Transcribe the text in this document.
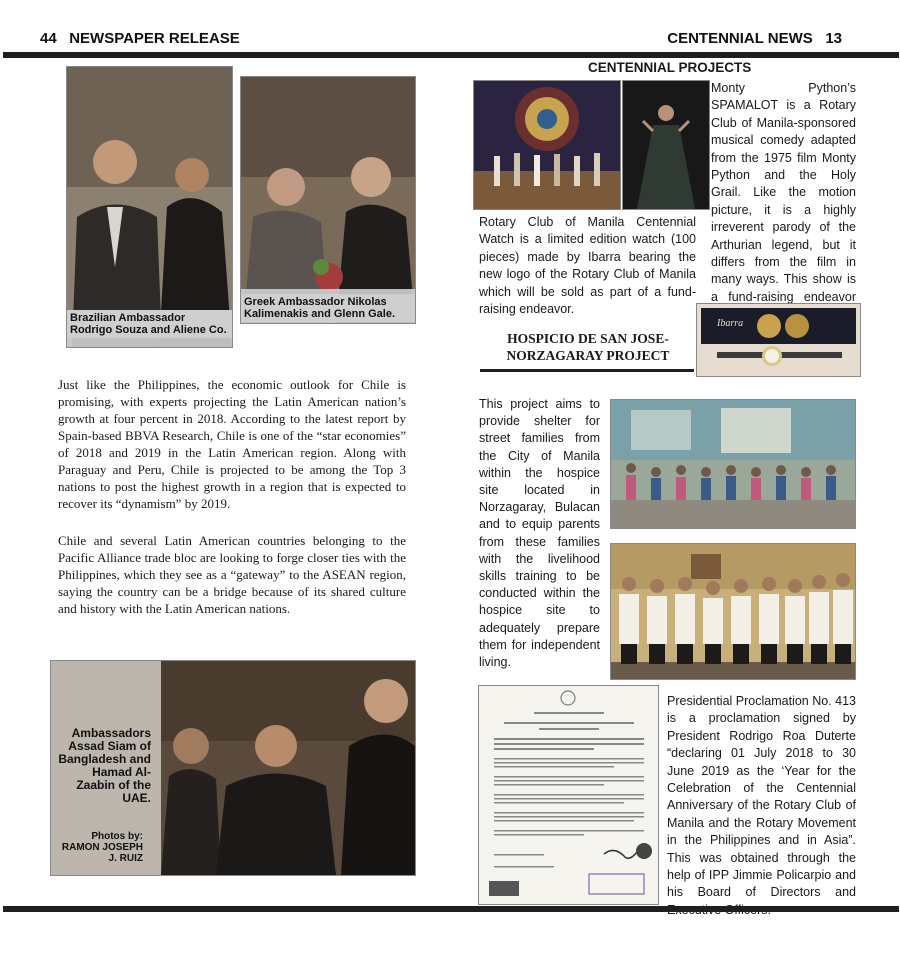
44 NEWSPAPER RELEASE	CENTENNIAL NEWS 13
Brazilian Ambassador Rodrigo Souza and Aliene Co.
Greek Ambassador Nikolas Kalimenakis and Glenn Gale.
Just like the Philippines, the economic outlook for Chile is promising, with experts projecting the Latin American nation’s growth at four percent in 2018. According to the latest report by Spain-based BBVA Research, Chile is one of the “star economies” of 2018 and 2019 in the Latin American region. Along with Paraguay and Peru, Chile is projected to be among the Top 3 nations to post the highest growth in a region that is expected to recover its “dynamism” by 2019.
Chile and several Latin American countries belonging to the Pacific Alliance trade bloc are looking to forge closer ties with the Philippines, which they see as a “gateway” to the ASEAN region, saying the country can be a bridge because of its shared culture and history with the Latin American nations.
Ambassadors Assad Siam of Bangladesh and Hamad Al-Zaabin of the UAE.
Photos by: RAMON JOSEPH J. RUIZ
CENTENNIAL PROJECTS
Monty Python’s SPAMALOT is a Rotary Club of Manila-sponsored musical comedy adapted from the 1975 film Monty Python and the Holy Grail. Like the motion picture, it is a highly irreverent parody of the Arthurian legend, but it differs from the film in many ways. This show is a fund-raising endeavor
Rotary Club of Manila Centennial Watch is a limited edition watch (100 pieces) made by Ibarra bearing the new logo of the Rotary Club of Manila which will be sold as part of a fund-raising endeavor.
Ibarra
HOSPICIO DE SAN JOSE-NORZAGARAY PROJECT
This project aims to provide shelter for street families from the City of Manila within the hospice site located in Norzagaray, Bulacan and to equip parents from these families with the livelihood skills training to be conducted within the hospice site to adequately prepare them for independent living.
Presidential Proclamation No. 413 is a proclamation signed by President Rodrigo Roa Duterte “declaring 01 July 2018 to 30 June 2019 as the ‘Year for the Celebration of the Centennial Anniversary of the Rotary Club of Manila and the Rotary Movement in the Philippines and in Asia”. This was obtained through the help of IPP Jimmie Policarpio and his Board of Directors and
